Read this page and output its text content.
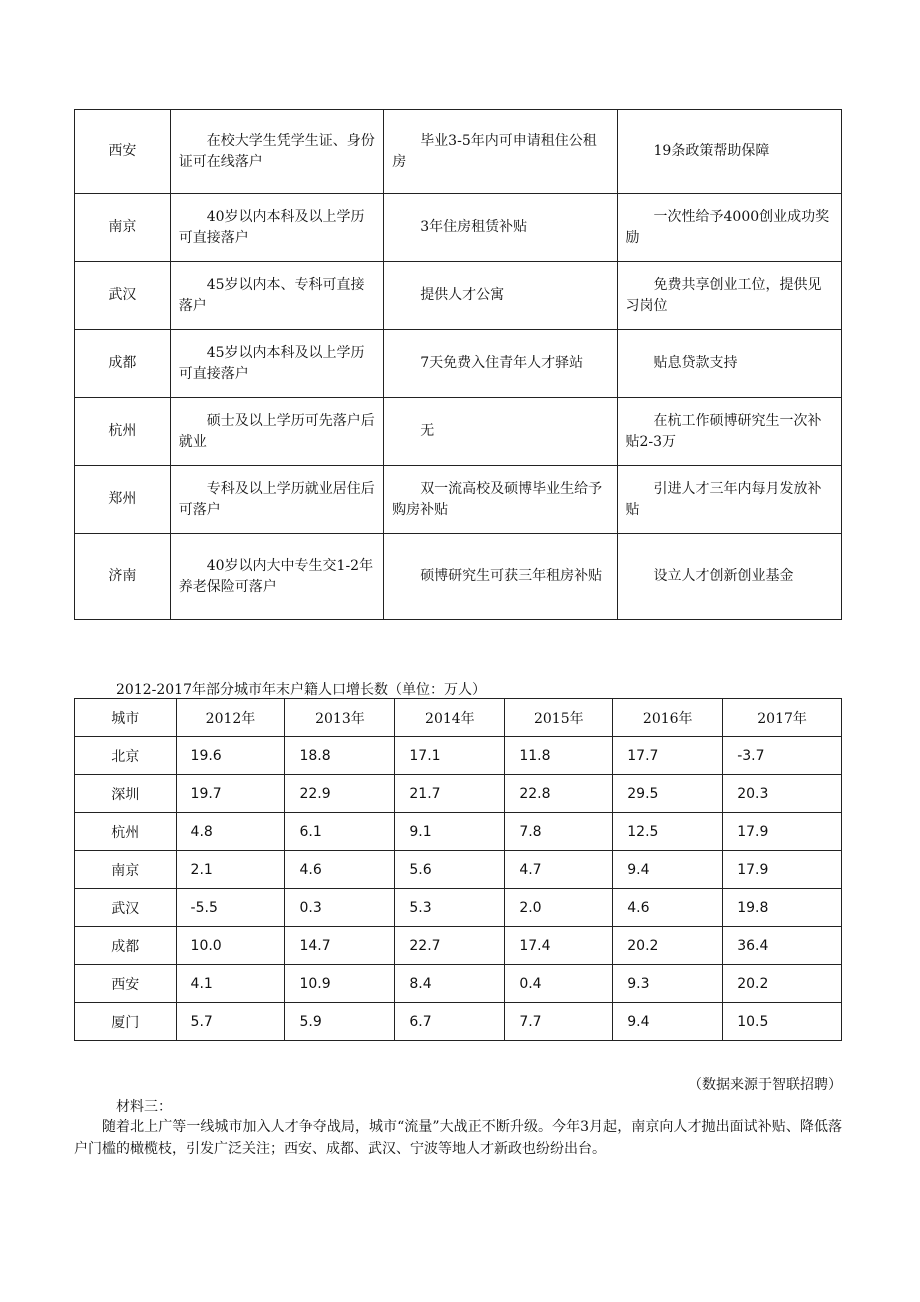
西安	在校大学生凭学生证、身份证可在线落户	毕业3-5年内可申请租住公租房	19条政策帮助保障
南京	40岁以内本科及以上学历可直接落户	3年住房租赁补贴	一次性给予4000创业成功奖励
武汉	45岁以内本、专科可直接落户	提供人才公寓	免费共享创业工位，提供见习岗位
成都	45岁以内本科及以上学历可直接落户	7天免费入住青年人才驿站	贴息贷款支持
杭州	硕士及以上学历可先落户后就业	无	在杭工作硕博研究生一次补贴2-3万
郑州	专科及以上学历就业居住后可落户	双一流高校及硕博毕业生给予购房补贴	引进人才三年内每月发放补贴
济南	40岁以内大中专生交1-2年养老保险可落户	硕博研究生可获三年租房补贴	设立人才创新创业基金
2012-2017年部分城市年末户籍人口增长数（单位：万人）
城市	2012年	2013年	2014年	2015年	2016年	2017年
北京	19.6	18.8	17.1	11.8	17.7	-3.7
深圳	19.7	22.9	21.7	22.8	29.5	20.3
杭州	4.8	6.1	9.1	7.8	12.5	17.9
南京	2.1	4.6	5.6	4.7	9.4	17.9
武汉	-5.5	0.3	5.3	2.0	4.6	19.8
成都	10.0	14.7	22.7	17.4	20.2	36.4
西安	4.1	10.9	8.4	0.4	9.3	20.2
厦门	5.7	5.9	6.7	7.7	9.4	10.5
（数据来源于智联招聘）
材料三：
随着北上广等一线城市加入人才争夺战局，城市“流量”大战正不断升级。今年3月起，南京向人才抛出面试补贴、降低落户门槛的橄榄枝，引发广泛关注；西安、成都、武汉、宁波等地人才新政也纷纷出台。
